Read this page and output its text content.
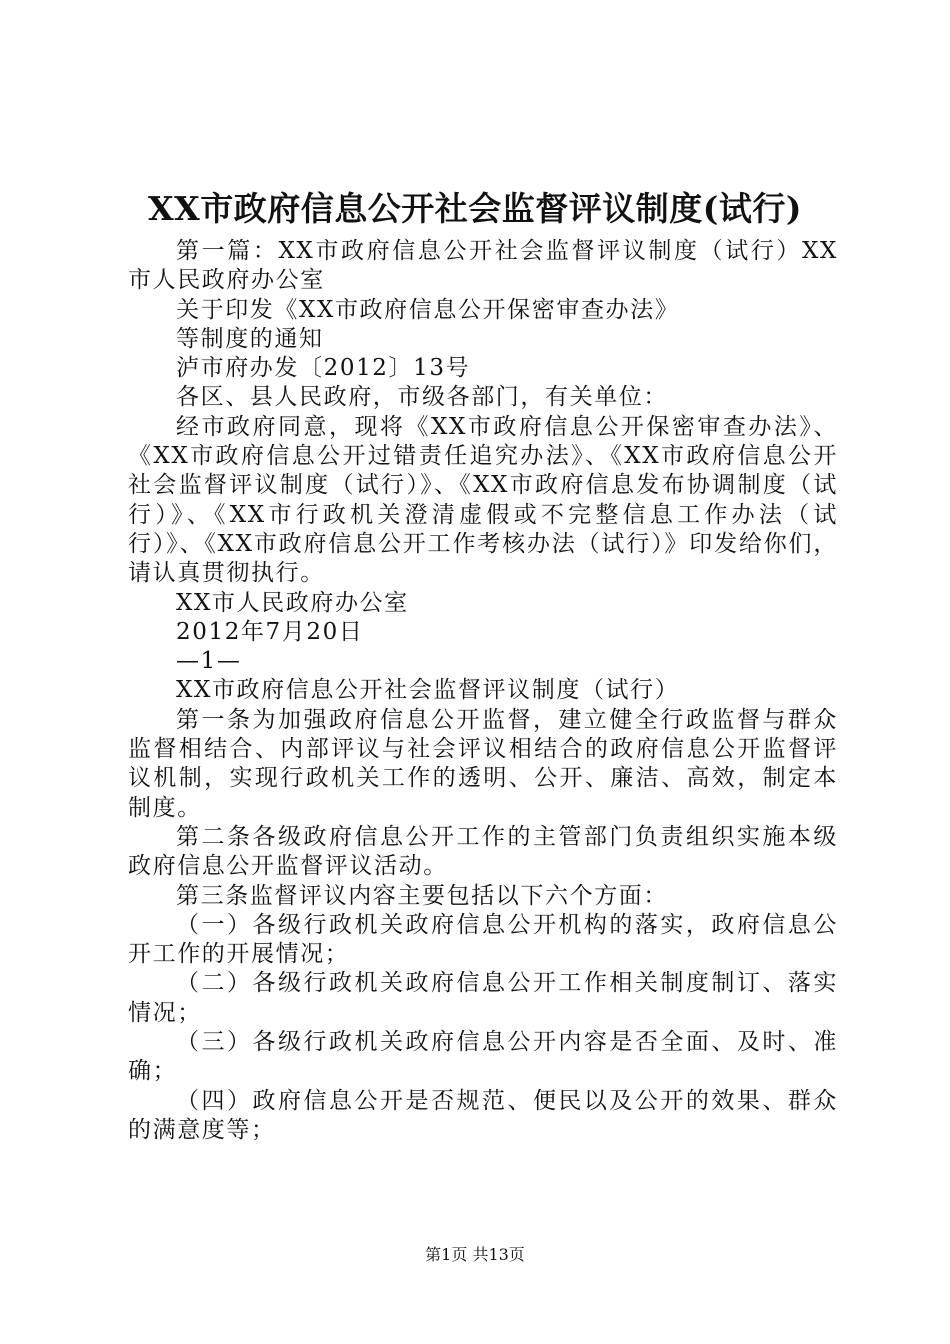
XX市政府信息公开社会监督评议制度(试行)

第一篇：XX市政府信息公开社会监督评议制度（试行）XX市人民政府办公室

关于印发《XX市政府信息公开保密审查办法》

等制度的通知

泸市府办发〔2012〕13号

各区、县人民政府，市级各部门，有关单位：

经市政府同意，现将《XX市政府信息公开保密审查办法》、《XX市政府信息公开过错责任追究办法》、《XX市政府信息公开社会监督评议制度（试行）》、《XX市政府信息发布协调制度（试行）》、《XX市行政机关澄清虚假或不完整信息工作办法（试行）》、《XX市政府信息公开工作考核办法（试行）》印发给你们，请认真贯彻执行。

XX市人民政府办公室

2012年7月20日

—1—

XX市政府信息公开社会监督评议制度（试行）

第一条为加强政府信息公开监督，建立健全行政监督与群众监督相结合、内部评议与社会评议相结合的政府信息公开监督评议机制，实现行政机关工作的透明、公开、廉洁、高效，制定本制度。

第二条各级政府信息公开工作的主管部门负责组织实施本级政府信息公开监督评议活动。

第三条监督评议内容主要包括以下六个方面：

（一）各级行政机关政府信息公开机构的落实，政府信息公开工作的开展情况；

（二）各级行政机关政府信息公开工作相关制度制订、落实情况；

（三）各级行政机关政府信息公开内容是否全面、及时、准确；

（四）政府信息公开是否规范、便民以及公开的效果、群众的满意度等；

第1页 共13页
